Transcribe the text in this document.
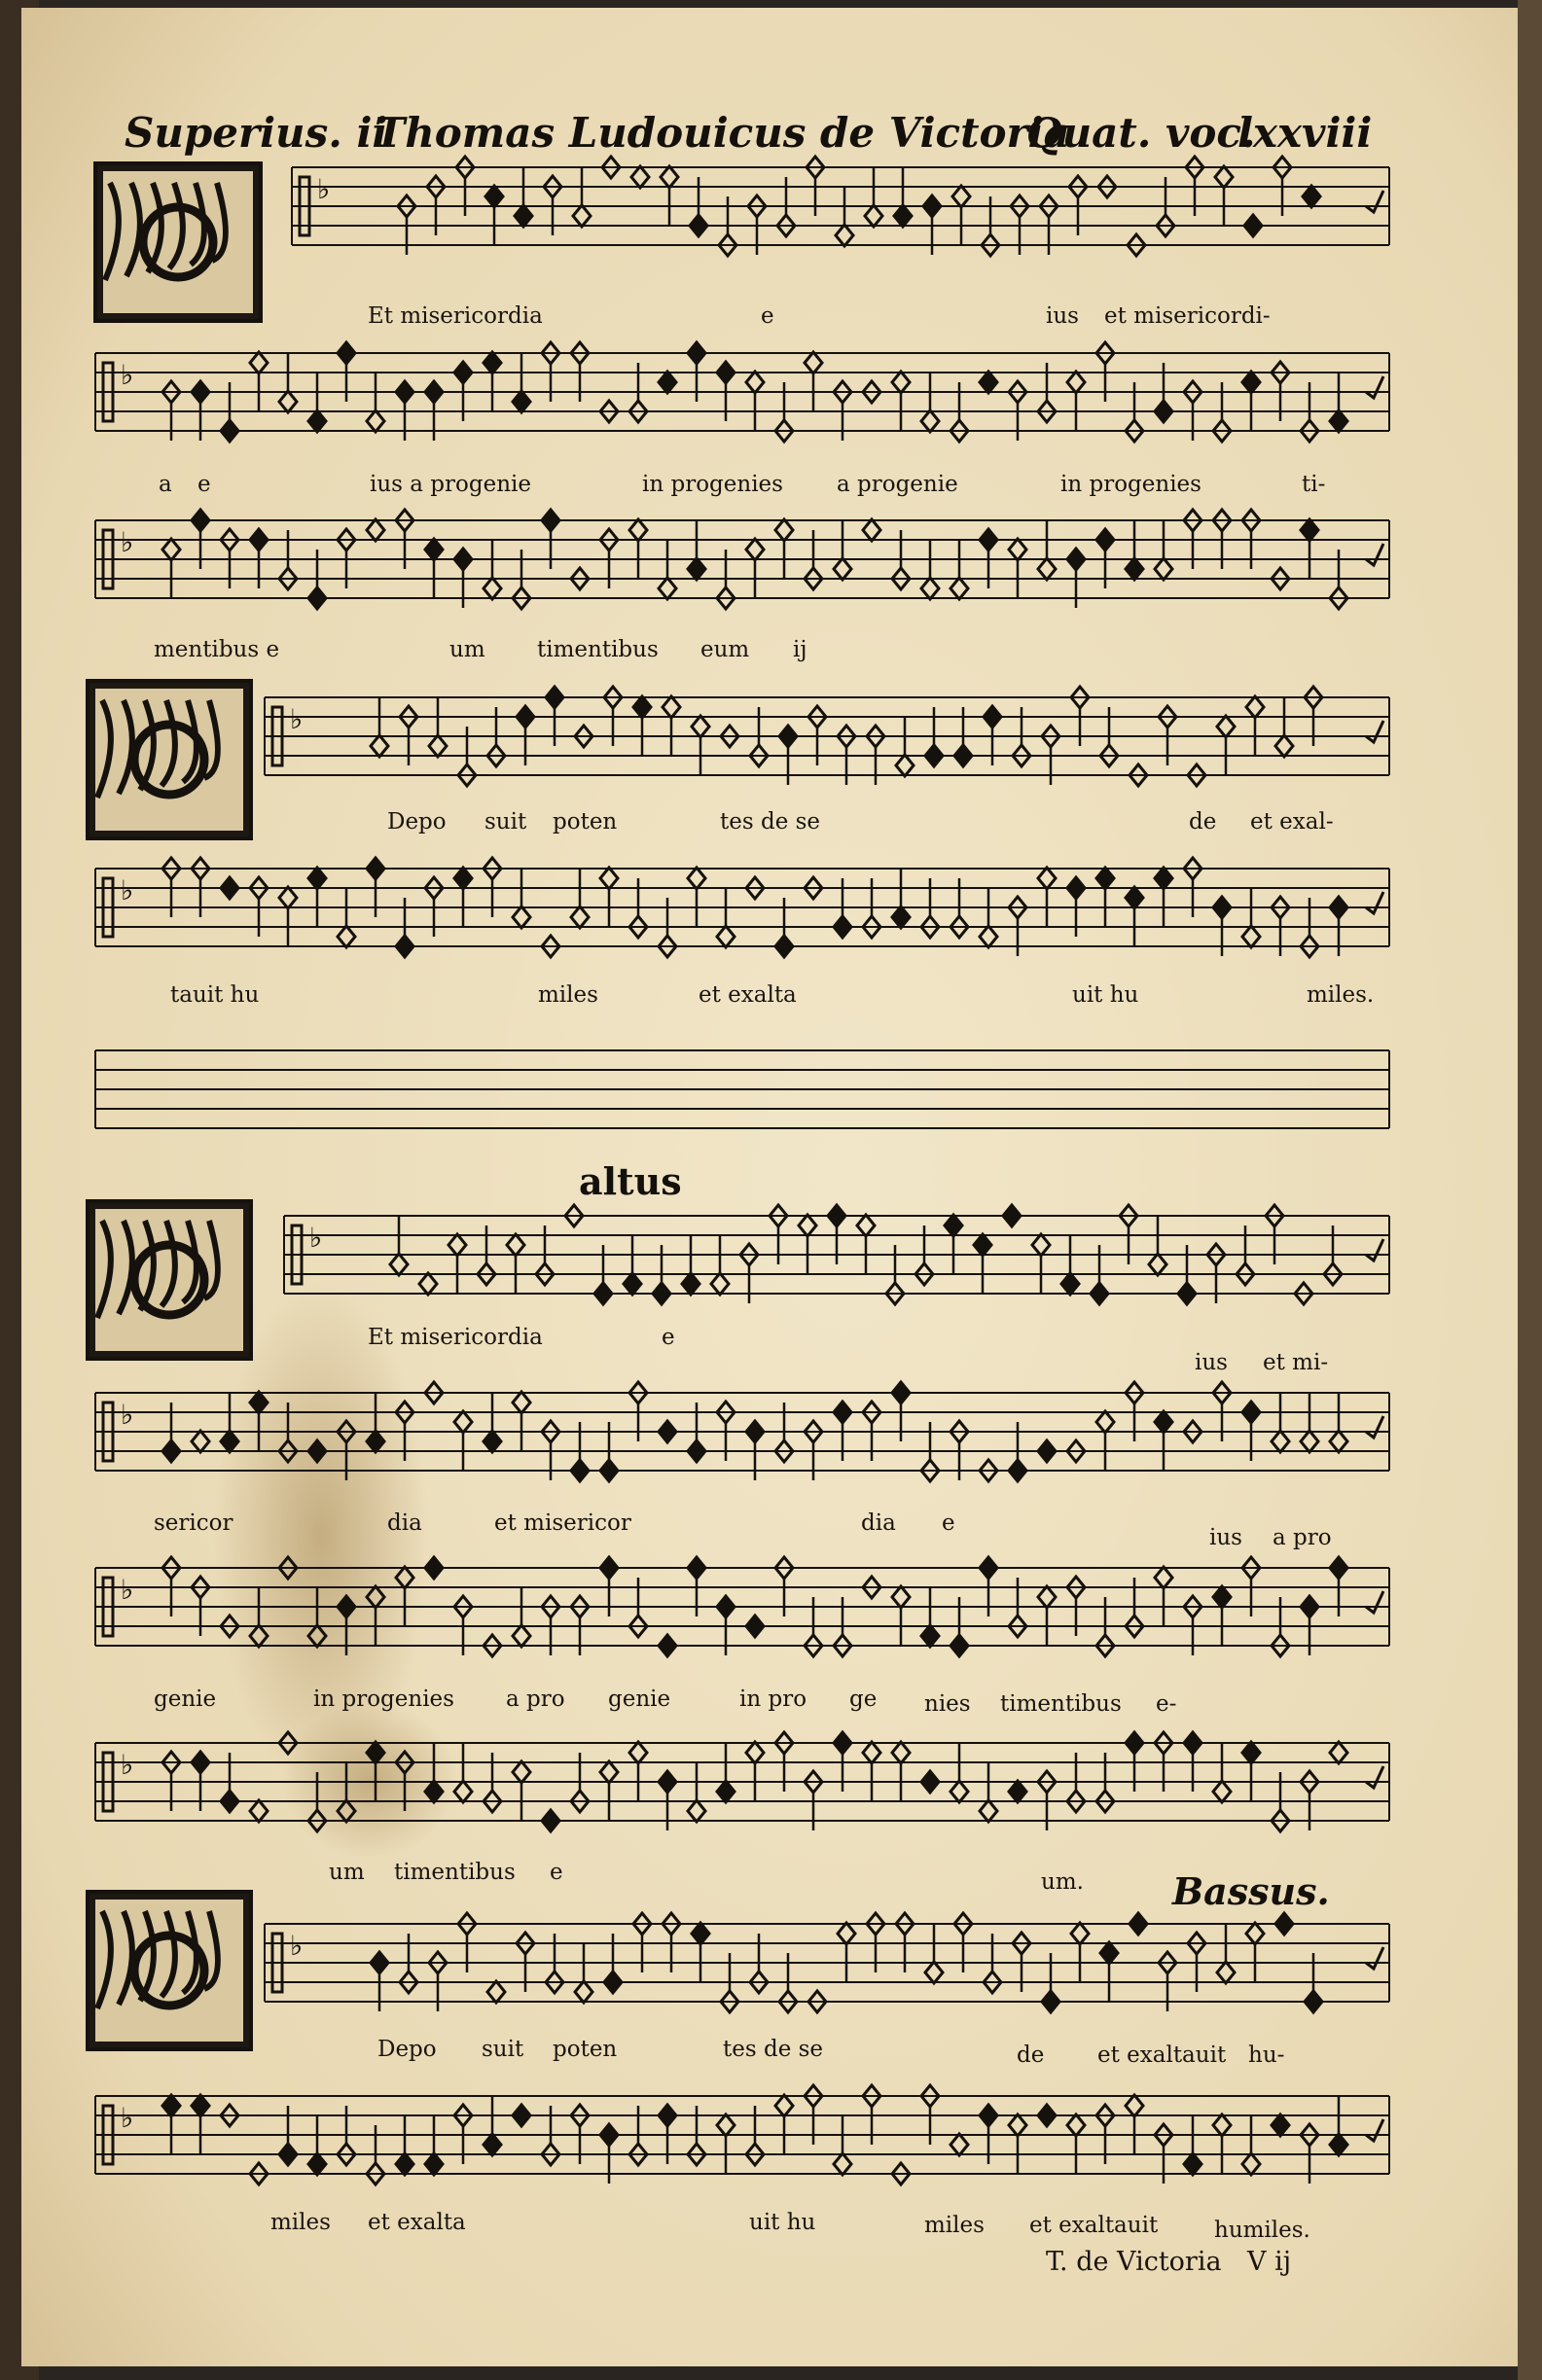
♭
♭
♭
♭
♭
♭
♭
♭
♭
♭
♭
Superius. ii
Thomas Ludouicus de Victoria
Quat. voc.
lxxviii
altus
Bassus.
Et misericordia	e	ius et misericordi-
a e	ius a progenie	in progenies a progenie	in progenies	ti-
mentibus e	um timentibus eum ij
Depo suit poten	tes de se	de et exal-
tauit hu	miles	et exalta	uit hu	miles.
Et misericordia	e
ius et mi-
sericor	dia	et misericor	dia e
ius a pro
genie	in progenies a pro genie	in pro ge nies timentibus e-
um timentibus e	um.
Depo suit poten	tes de se	de et exaltauit hu-
miles et exalta	uit hu	miles et exaltauit	humiles.
T. de Victoria V ij
